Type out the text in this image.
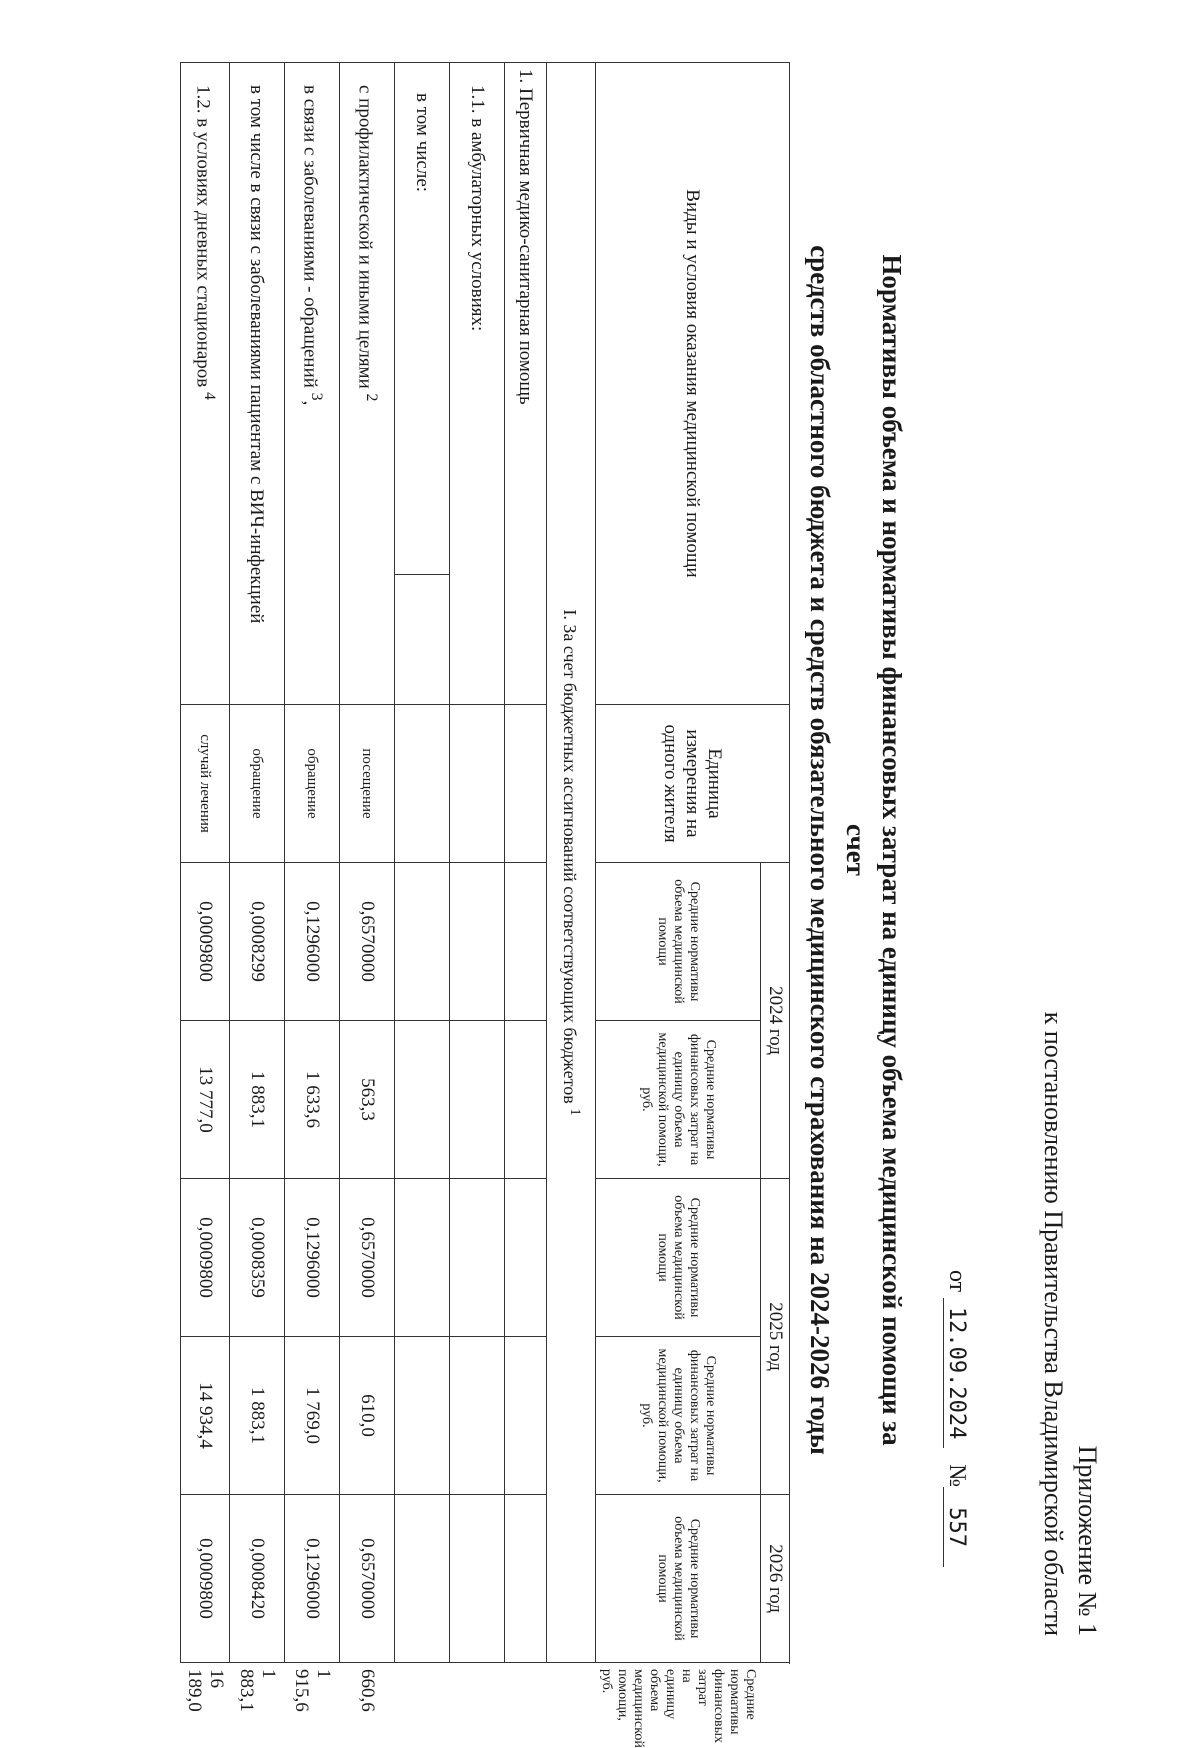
Приложение № 1
к постановлению Правительства Владимирской области
от 12.09.2024 №557
Нормативы объема и нормативы финансовых затрат на единицу объема медицинской помощи за счет
средств областного бюджета и средств обязательного медицинского страхования на 2024-2026 годы
Виды и условия оказания медицинской помощи		Единица измерения на одного жителя	2024 год		2025 год		2026 год	
			Средние нормативы объема медицинской помощи	Средние нормативы финансовых затрат на единицу объема медицинской помощи, руб.	Средние нормативы объема медицинской помощи	Средние нормативы финансовых затрат на единицу объема медицинской помощи, руб.	Средние нормативы объема медицинской помощи	Средние нормативы финансовых затрат на единицу объема медицинской помощи, руб.
I. За счет бюджетных ассигнований соответствующих бюджетов $^1$
1. Первичная медико-санитарная помощь								
1.1. в амбулаторных условиях:								
в том числе:								
с профилактической и иными целями $^2$		посещение	0,6570000	563,3	0,6570000	610,0	0,6570000	660,6
в связи с заболеваниями - обращений $^3$,		обращение	0,1296000	1 633,6	0,1296000	1 769,0	0,1296000	1 915,6
в том числе в связи с заболеваниями пациентам с ВИЧ-инфекцией		обращение	0,0008299	1 883,1	0,0008359	1 883,1	0,0008420	1 883,1
1.2. в условиях дневных стационаров $^4$		случай лечения	0,0009800	13 777,0	0,0009800	14 934,4	0,0009800	16 189,0
